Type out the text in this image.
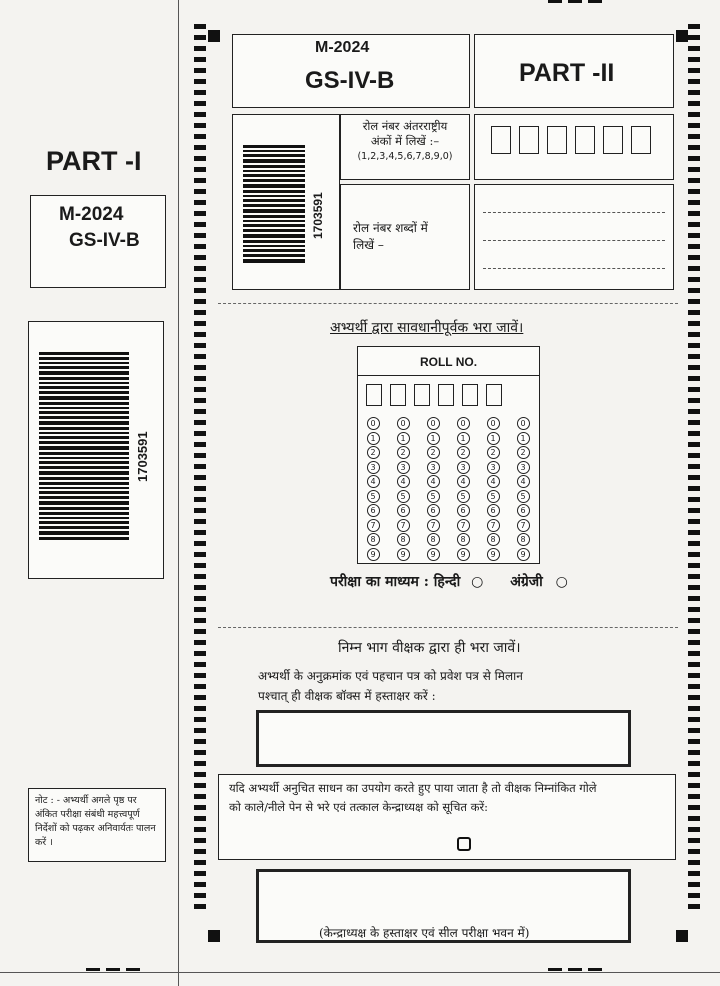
PART -I
M-2024
GS-IV-B
1703591
नोट : - अभ्यर्थी अगले पृष्ठ पर अंकित परीक्षा संबंधी महत्त्वपूर्ण निर्देशों को पढ़कर अनिवार्यतः पालन करें ।
M-2024
GS-IV-B	PART -II
1703591
रोल नंबर अंतरराष्ट्रीय
अंकों में लिखें :–
(1,2,3,4,5,6,7,8,9,0)
रोल नंबर शब्दों में
लिखें –
अभ्यर्थी द्वारा सावधानीपूर्वक भरा जावें।
ROLL NO.
0
1
2
3
4
5
6
7
8
9
0
1
2
3
4
5
6
7
8
9
0
1
2
3
4
5
6
7
8
9
0
1
2
3
4
5
6
7
8
9
0
1
2
3
4
5
6
7
8
9
0
1
2
3
4
5
6
7
8
9
परीक्षा का माध्यम : हिन्दी ○ अंग्रेजी ○
निम्न भाग वीक्षक द्वारा ही भरा जावें।
अभ्यर्थी के अनुक्रमांक एवं पहचान पत्र को प्रवेश पत्र से मिलान
पश्चात् ही वीक्षक बॉक्स में हस्ताक्षर करें :
यदि अभ्यर्थी अनुचित साधन का उपयोग करते हुए पाया जाता है तो वीक्षक निम्नांकित गोले
को काले/नीले पेन से भरे एवं तत्काल केन्द्राध्यक्ष को सूचित करें:
(केन्द्राध्यक्ष के हस्ताक्षर एवं सील परीक्षा भवन में)
